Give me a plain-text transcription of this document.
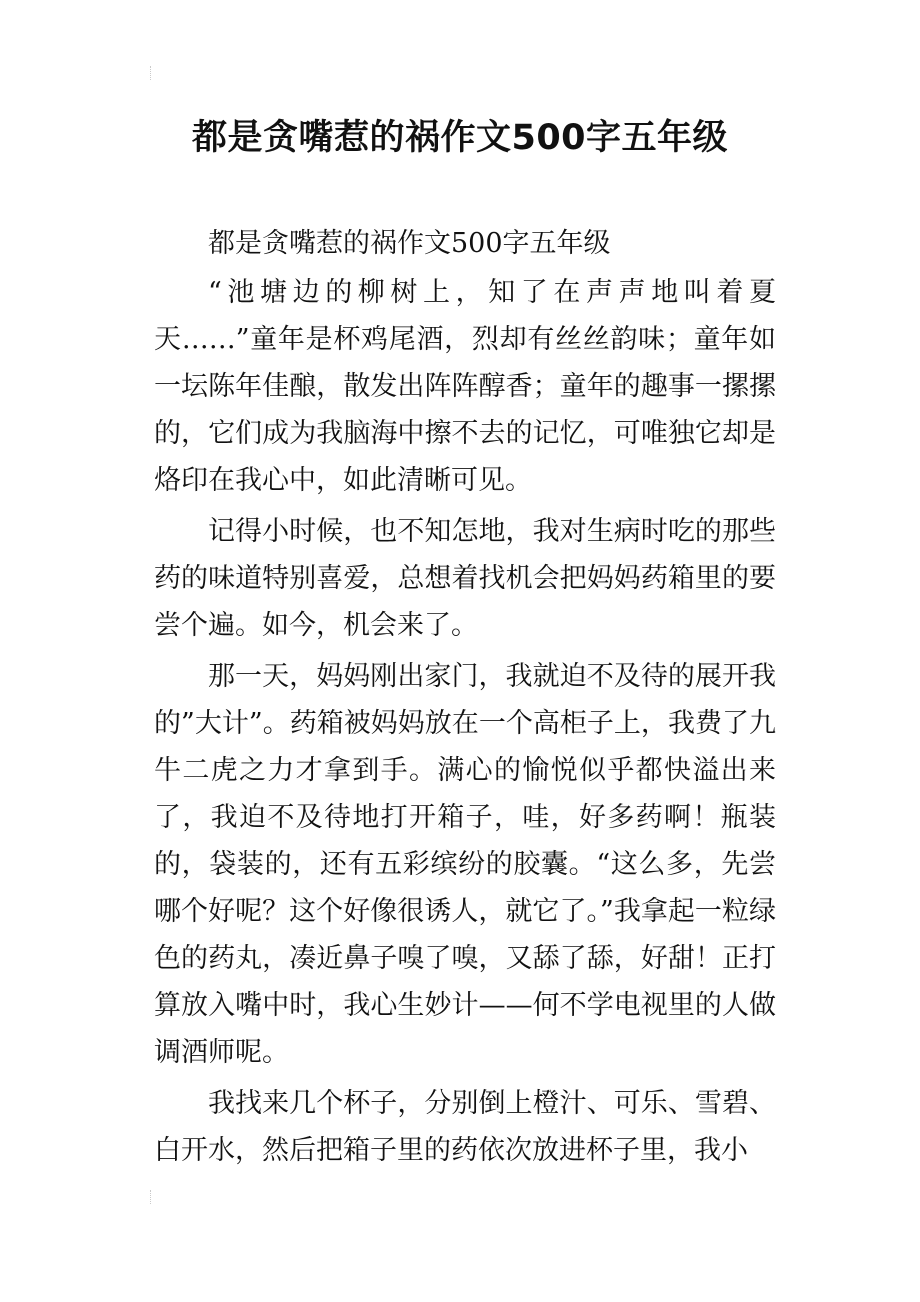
都是贪嘴惹的祸作文500字五年级

都是贪嘴惹的祸作文500字五年级

“池塘边的柳树上，知了在声声地叫着夏天……”童年是杯鸡尾酒，烈却有丝丝韵味；童年如一坛陈年佳酿，散发出阵阵醇香；童年的趣事一摞摞的，它们成为我脑海中擦不去的记忆，可唯独它却是烙印在我心中，如此清晰可见。

记得小时候，也不知怎地，我对生病时吃的那些药的味道特别喜爱，总想着找机会把妈妈药箱里的要尝个遍。如今，机会来了。

那一天，妈妈刚出家门，我就迫不及待的展开我的”大计”。药箱被妈妈放在一个高柜子上，我费了九牛二虎之力才拿到手。满心的愉悦似乎都快溢出来了，我迫不及待地打开箱子，哇，好多药啊！瓶装的，袋装的，还有五彩缤纷的胶囊。“这么多，先尝哪个好呢？这个好像很诱人，就它了。”我拿起一粒绿色的药丸，凑近鼻子嗅了嗅，又舔了舔，好甜！正打算放入嘴中时，我心生妙计——何不学电视里的人做调酒师呢。

我找来几个杯子，分别倒上橙汁、可乐、雪碧、白开水，然后把箱子里的药依次放进杯子里，我小
